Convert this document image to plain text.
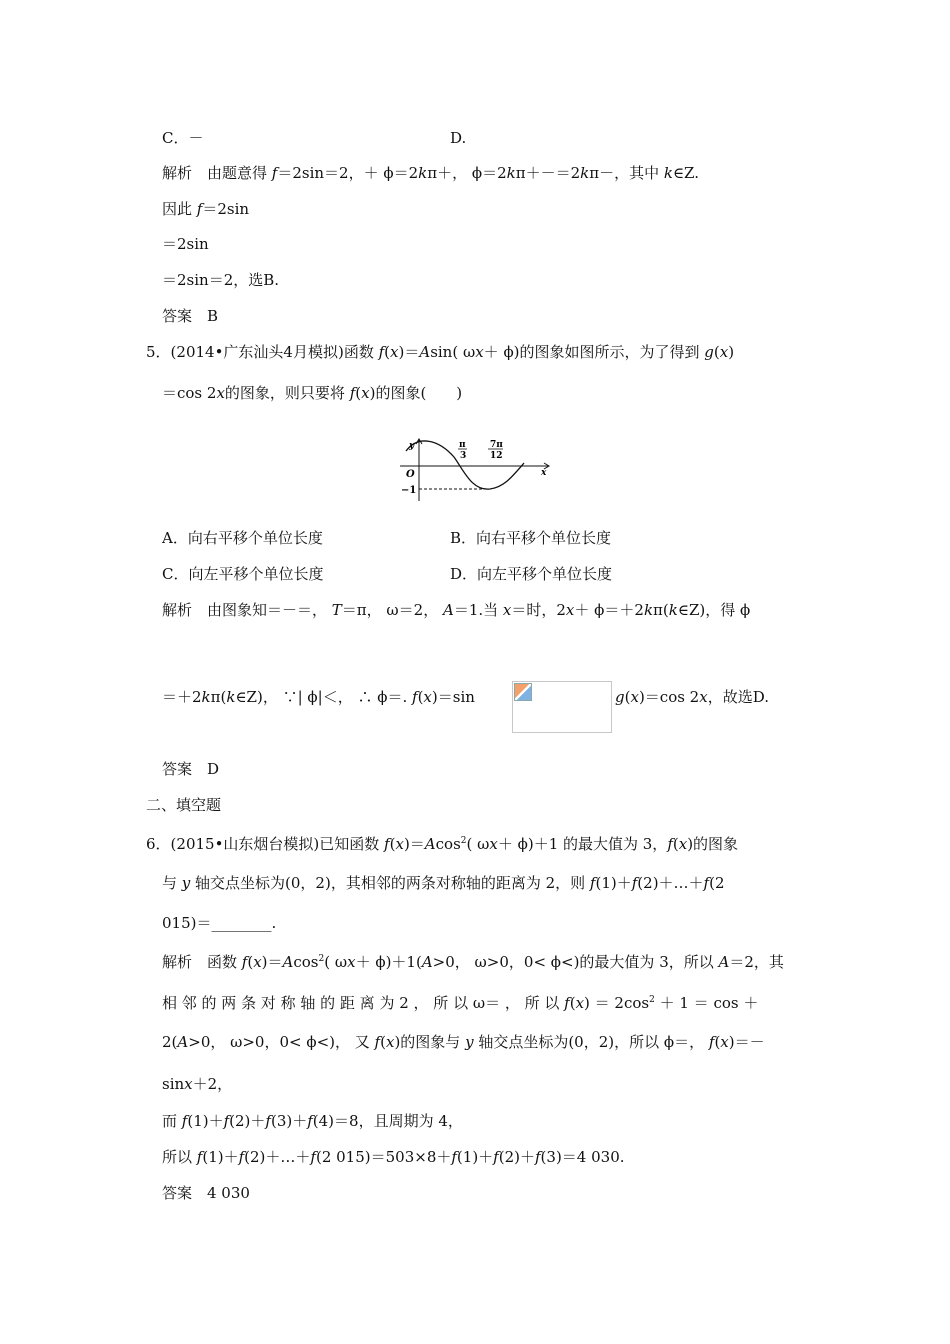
C．－	D.
解析　由题意得 f＝2sin＝2，＋ ϕ＝2kπ＋， ϕ＝2kπ＋－＝2kπ－，其中 k∈Z.
因此 f＝2sin
＝2sin
＝2sin＝2，选B.
答案　B
5．(2014•广东汕头4月模拟)函数 f(x)＝Asin( ωx＋ ϕ)的图象如图所示，为了得到 g(x)
＝cos 2x的图象，则只要将 f(x)的图象(　　)
y
x
O
−1
π
3
7π
12
A．向右平移个单位长度	B．向右平移个单位长度
C．向左平移个单位长度	D．向左平移个单位长度
解析　由图象知＝－＝， T＝π， ω＝2， A＝1.当 x＝时，2x＋ ϕ＝＋2kπ(k∈Z)，得 ϕ
＝＋2kπ(k∈Z)， ∵| ϕ|＜， ∴ ϕ＝. f(x)＝sin	g(x)＝cos 2x，故选D.
答案　D
二、填空题
6．(2015•山东烟台模拟)已知函数 f(x)＝Acos$^2$( ωx＋ ϕ)＋1 的最大值为 3，f(x)的图象
与 y 轴交点坐标为(0，2)，其相邻的两条对称轴的距离为 2，则 f(1)＋f(2)＋…＋f(2
015)＝________.
解析　函数 f(x)＝Acos$^2$( ωx＋ ϕ)＋1(A>0， ω>0，0< ϕ<)的最大值为 3，所以 A＝2，其
相 邻 的 两 条 对 称 轴 的 距 离 为 2 ， 所 以 ω＝ ， 所 以 $f(x) = 2\cos^2 + 1 = \cos$ ＋
2(A>0， ω>0，0< ϕ<)， 又 f(x)的图象与 y 轴交点坐标为(0，2)，所以 ϕ＝， f(x)＝－
sinx＋2，
而 f(1)＋f(2)＋f(3)＋f(4)＝8，且周期为 4，
所以 f(1)＋f(2)＋…＋f(2 015)＝503×8＋f(1)＋f(2)＋f(3)＝4 030.
答案　4 030
